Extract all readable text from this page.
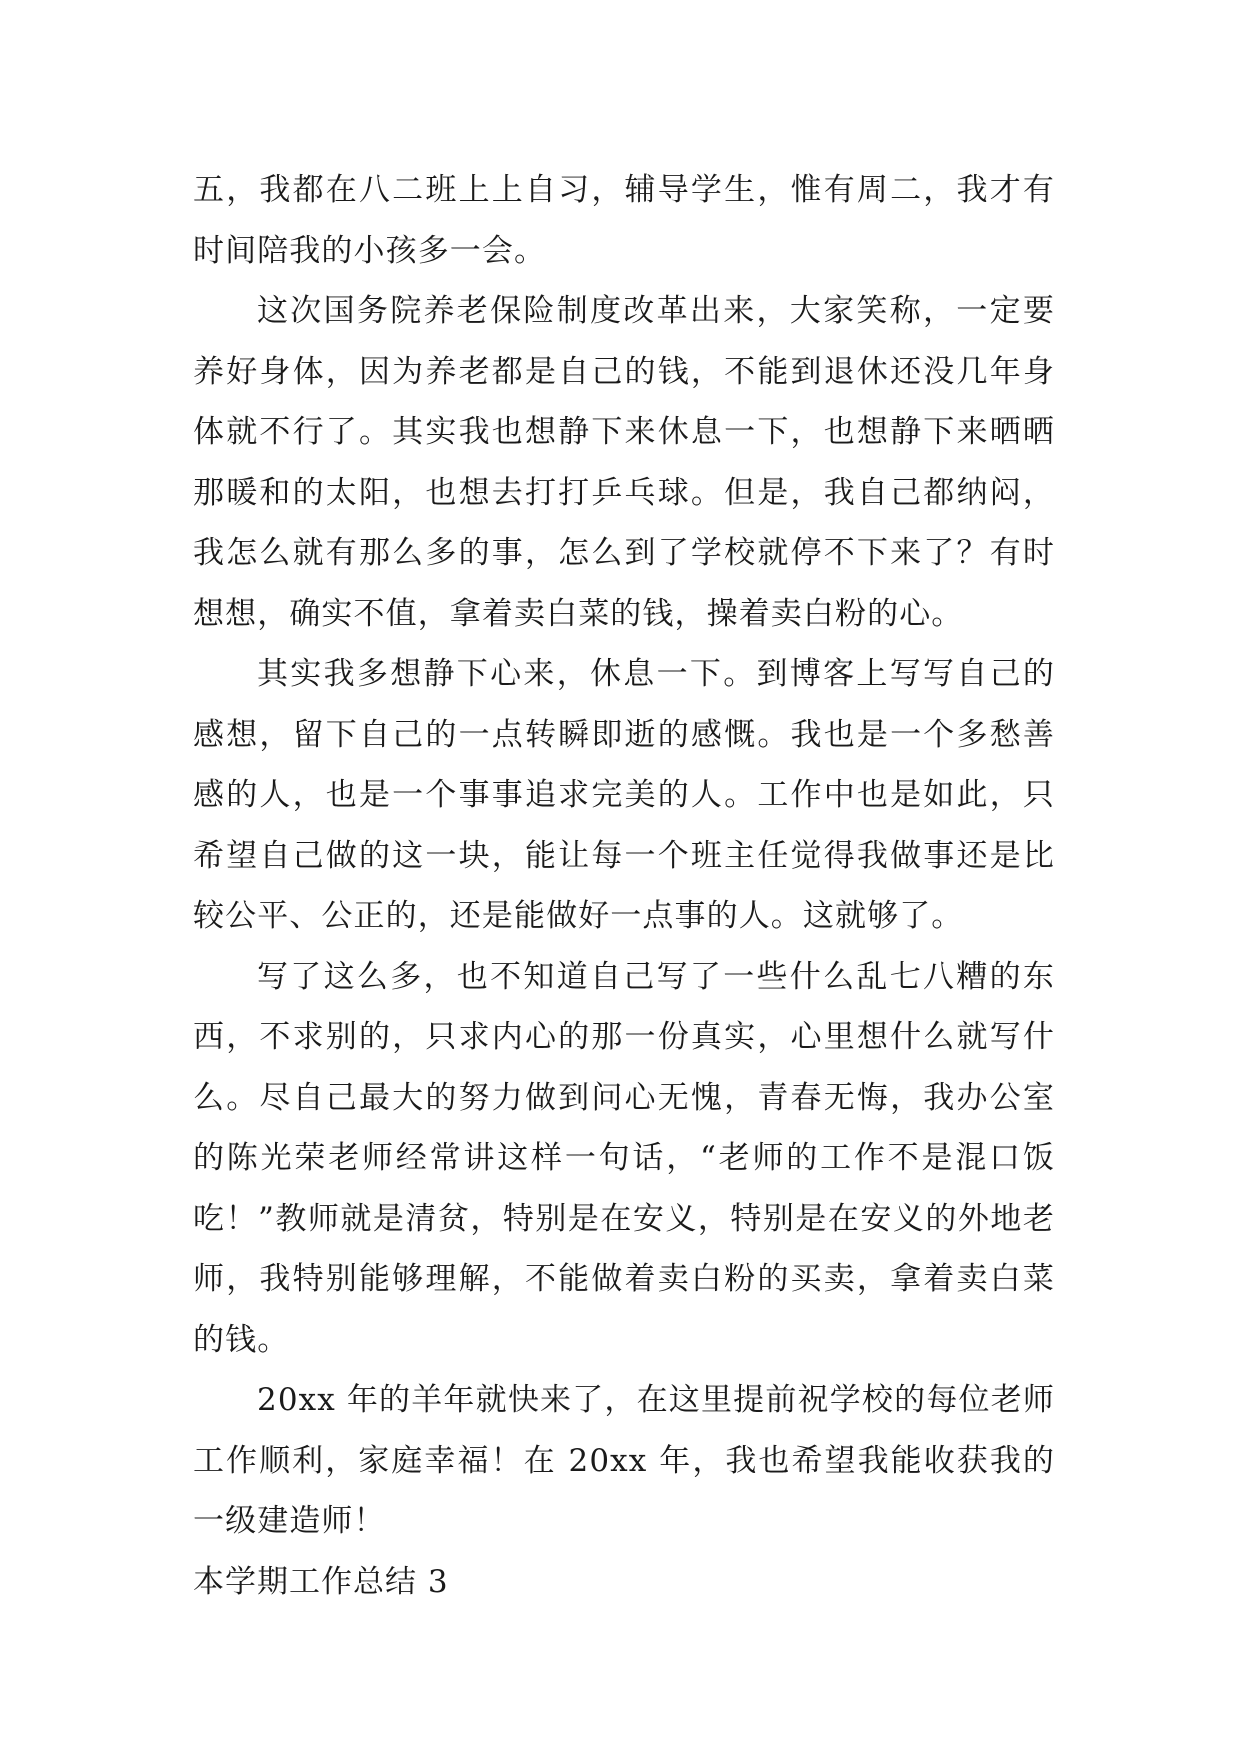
五，我都在八二班上上自习，辅导学生，惟有周二，我才有时间陪我的小孩多一会。

这次国务院养老保险制度改革出来，大家笑称，一定要养好身体，因为养老都是自己的钱，不能到退休还没几年身体就不行了。其实我也想静下来休息一下，也想静下来晒晒那暖和的太阳，也想去打打乒乓球。但是，我自己都纳闷，我怎么就有那么多的事，怎么到了学校就停不下来了？有时想想，确实不值，拿着卖白菜的钱，操着卖白粉的心。

其实我多想静下心来，休息一下。到博客上写写自己的感想，留下自己的一点转瞬即逝的感慨。我也是一个多愁善感的人，也是一个事事追求完美的人。工作中也是如此，只希望自己做的这一块，能让每一个班主任觉得我做事还是比较公平、公正的，还是能做好一点事的人。这就够了。

写了这么多，也不知道自己写了一些什么乱七八糟的东西，不求别的，只求内心的那一份真实，心里想什么就写什么。尽自己最大的努力做到问心无愧，青春无悔，我办公室的陈光荣老师经常讲这样一句话，“老师的工作不是混口饭吃！”教师就是清贫，特别是在安义，特别是在安义的外地老师，我特别能够理解，不能做着卖白粉的买卖，拿着卖白菜的钱。

20xx 年的羊年就快来了，在这里提前祝学校的每位老师工作顺利，家庭幸福！在 20xx 年，我也希望我能收获我的一级建造师！

本学期工作总结 3
